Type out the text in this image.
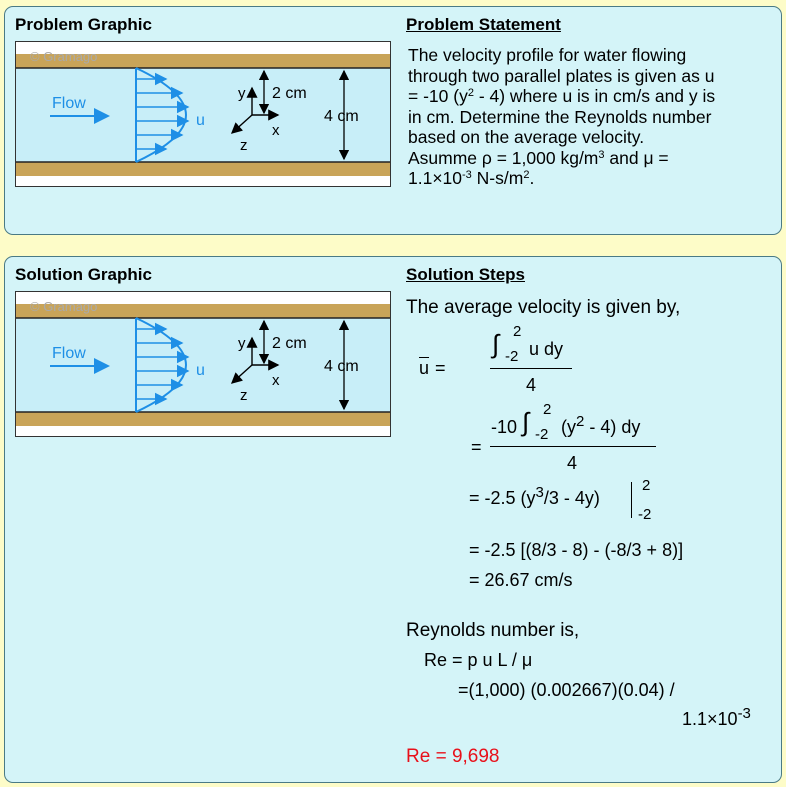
Problem Graphic	Problem Statement
© Gramago
Flow
u
y
x
z
2 cm
4 cm
The velocity profile for water flowing
through two parallel plates is given as u
= -10 $(y^2 - 4)$ where u is in cm/s and y is
in cm. Determine the Reynolds number
based on the average velocity.
Asumme ρ = 1,000 $kg/m^3$ and μ =
$1.1\times 10^{-3}$ $N-s/m^2$.
Solution Graphic	Solution Steps
© Gramago
Flow
u
y
x
z
2 cm
4 cm
The average velocity is given by,
$\overline{u}$ =
∫ 2
-2 u dy
4
=
-10 ∫ 2
-2 $(y^2 - 4)$ dy
4
= -2.5 $(y^3/3 - 4y)$
2
-2
= -2.5 [(8/3 - 8) - (-8/3 + 8)]
= 26.67 cm/s
Reynolds number is,
Re = p u L / μ
=(1,000) (0.002667)(0.04) /
$1.1\times 10^{-3}$
Re = 9,698
